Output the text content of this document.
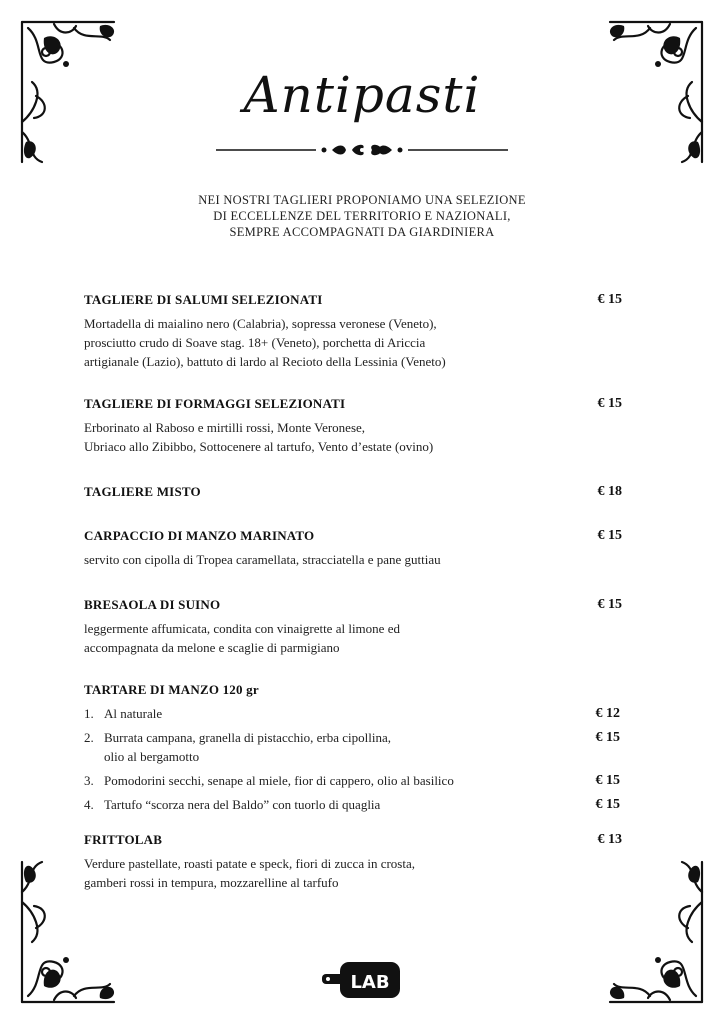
Antipasti
NEI NOSTRI TAGLIERI PROPONIAMO UNA SELEZIONE
DI ECCELLENZE DEL TERRITORIO E NAZIONALI,
SEMPRE ACCOMPAGNATI DA GIARDINIERA
TAGLIERE DI SALUMI SELEZIONATI	€ 15
Mortadella di maialino nero (Calabria), sopressa veronese (Veneto),
prosciutto crudo di Soave stag. 18+ (Veneto), porchetta di Ariccia
artigianale (Lazio), battuto di lardo al Recioto della Lessinia (Veneto)
TAGLIERE DI FORMAGGI SELEZIONATI	€ 15
Erborinato al Raboso e mirtilli rossi, Monte Veronese,
Ubriaco allo Zibibbo, Sottocenere al tartufo, Vento d’estate (ovino)
TAGLIERE MISTO	€ 18
CARPACCIO DI MANZO MARINATO	€ 15
servito con cipolla di Tropea caramellata, stracciatella e pane guttiau
BRESAOLA DI SUINO	€ 15
leggermente affumicata, condita con vinaigrette al limone ed
accompagnata da melone e scaglie di parmigiano
TARTARE DI MANZO 120 gr
1. Al naturale	€ 12
2. Burrata campana, granella di pistacchio, erba cipollina,
olio al bergamotto
€ 15
3. Pomodorini secchi, senape al miele, fior di cappero, olio al basilico	€ 15
4. Tartufo “scorza nera del Baldo” con tuorlo di quaglia	€ 15
FRITTOLAB	€ 13
Verdure pastellate, roasti patate e speck, fiori di zucca in crosta,
gamberi rossi in tempura, mozzarelline al tarfufo
LAB
